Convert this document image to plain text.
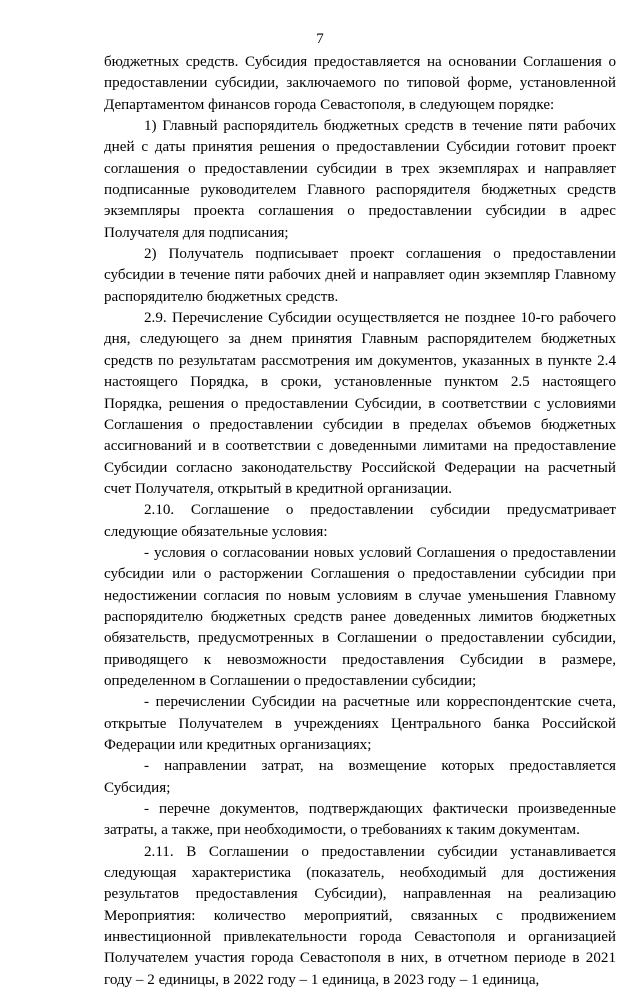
7

бюджетных средств. Субсидия предоставляется на основании Соглашения о предоставлении субсидии, заключаемого по типовой форме, установленной Департаментом финансов города Севастополя, в следующем порядке:

1) Главный распорядитель бюджетных средств в течение пяти рабочих дней с даты принятия решения о предоставлении Субсидии готовит проект соглашения о предоставлении субсидии в трех экземплярах и направляет подписанные руководителем Главного распорядителя бюджетных средств экземпляры проекта соглашения о предоставлении субсидии в адрес Получателя для подписания;

2) Получатель подписывает проект соглашения о предоставлении субсидии в течение пяти рабочих дней и направляет один экземпляр Главному распорядителю бюджетных средств.

2.9. Перечисление Субсидии осуществляется не позднее 10-го рабочего дня, следующего за днем принятия Главным распорядителем бюджетных средств по результатам рассмотрения им документов, указанных в пункте 2.4 настоящего Порядка, в сроки, установленные пунктом 2.5 настоящего Порядка, решения о предоставлении Субсидии, в соответствии с условиями Соглашения о предоставлении субсидии в пределах объемов бюджетных ассигнований и в соответствии с доведенными лимитами на предоставление Субсидии согласно законодательству Российской Федерации на расчетный счет Получателя, открытый в кредитной организации.

2.10. Соглашение о предоставлении субсидии предусматривает следующие обязательные условия:

- условия о согласовании новых условий Соглашения о предоставлении субсидии или о расторжении Соглашения о предоставлении субсидии при недостижении согласия по новым условиям в случае уменьшения Главному распорядителю бюджетных средств ранее доведенных лимитов бюджетных обязательств, предусмотренных в Соглашении о предоставлении субсидии, приводящего к невозможности предоставления Субсидии в размере, определенном в Соглашении о предоставлении субсидии;

- перечислении Субсидии на расчетные или корреспондентские счета, открытые Получателем в учреждениях Центрального банка Российской Федерации или кредитных организациях;

- направлении затрат, на возмещение которых предоставляется Субсидия;

- перечне документов, подтверждающих фактически произведенные затраты, а также, при необходимости, о требованиях к таким документам.

2.11. В Соглашении о предоставлении субсидии устанавливается следующая характеристика (показатель, необходимый для достижения результатов предоставления Субсидии), направленная на реализацию Мероприятия: количество мероприятий, связанных с продвижением инвестиционной привлекательности города Севастополя и организацией Получателем участия города Севастополя в них, в отчетном периоде в 2021 году – 2 единицы, в 2022 году – 1 единица, в 2023 году – 1 единица,
